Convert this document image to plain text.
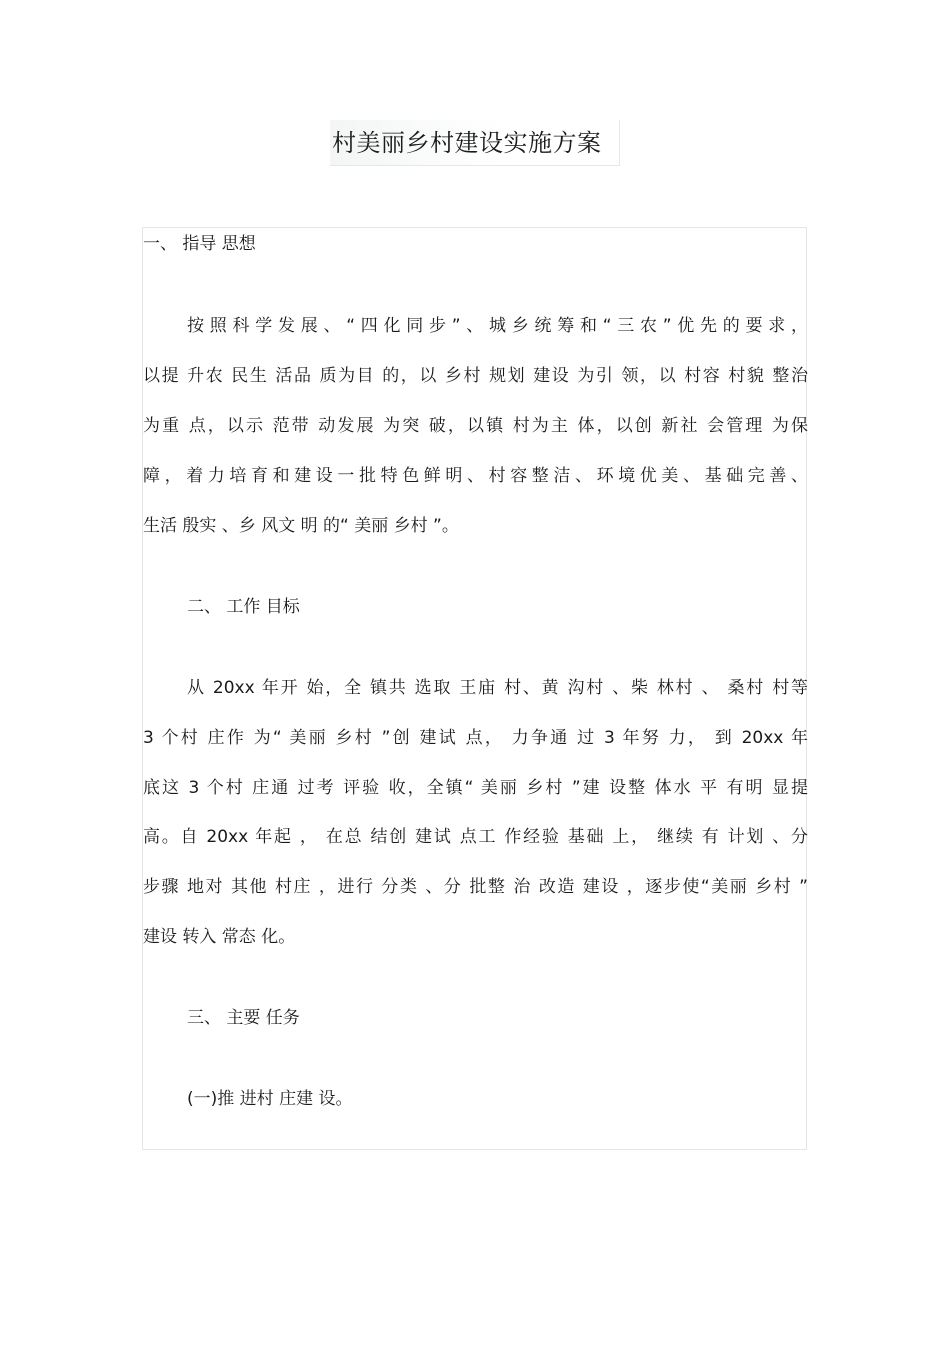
村美丽乡村建设实施方案
一、 指导 思想
按照科学发展、“四化同步”、城乡统筹和“三农”优先的要求，
以提 升农 民生 活品 质为目 的，以 乡村 规划 建设 为引 领，以 村容 村貌 整治
为重 点，以示 范带 动发展 为突 破，以镇 村为主 体，以创 新社 会管理 为保
障，着力培育和建设一批特色鲜明、村容整洁、环境优美、基础完善、
生活 殷实 、乡 风文 明 的“ 美丽 乡村 ”。
二、 工作 目标
从 20xx 年开 始，全 镇共 选取 王庙 村、黄 沟村 、柴 林村 、 桑村 村等
3 个村 庄作 为“ 美丽 乡村 ”创 建试 点， 力争通 过 3 年努 力， 到 20xx 年
底这 3 个村 庄通 过考 评验 收，全镇“ 美丽 乡村 ”建 设整 体水 平 有明 显提
高。自 20xx 年起 ， 在总 结创 建试 点工 作经验 基础 上， 继续 有 计划 、分
步骤 地对 其他 村庄 ，进行 分类 、分 批整 治 改造 建设 ，逐步使“美丽 乡村 ”
建设 转入 常态 化。
三、 主要 任务
(一)推 进村 庄建 设。
